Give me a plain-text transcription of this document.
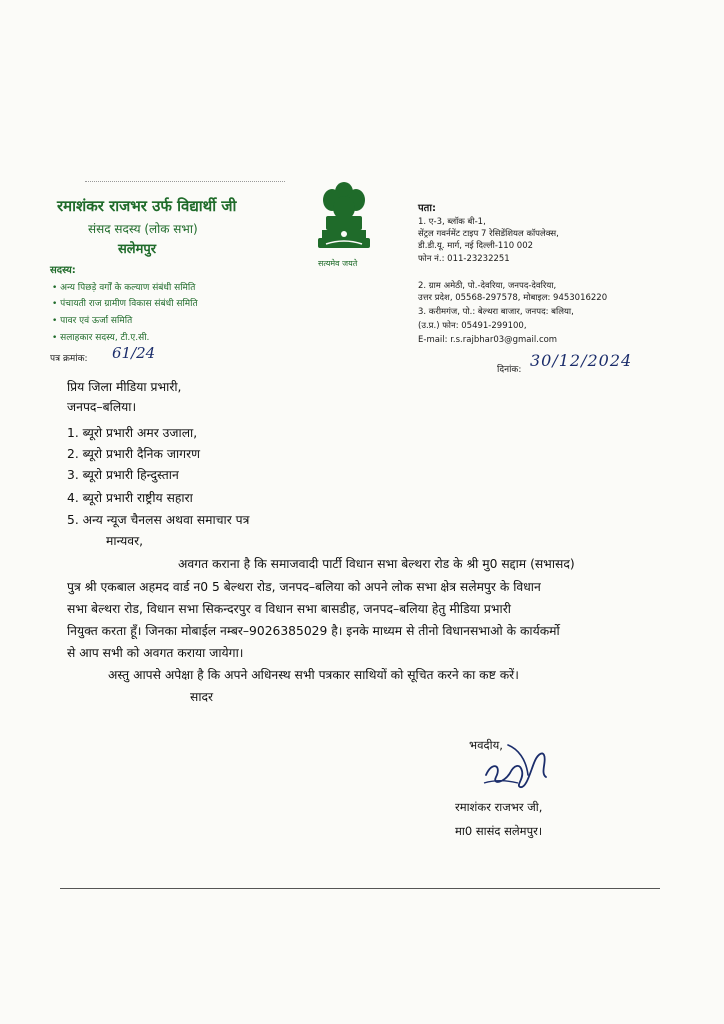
रमाशंकर राजभर उर्फ विद्यार्थी जी
संसद सदस्य (लोक सभा)
सलेमपुर
सदस्य:
• अन्य पिछड़े वर्गों के कल्याण संबंधी समिति
• पंचायती राज ग्रामीण विकास संबंधी समिति
• पावर एवं ऊर्जा समिति
• सलाहकार सदस्य, टी.ए.सी.
सत्यमेव जयते
पता:
1. ए-3, ब्लॉक बी-1,
सेंट्रल गवर्नमेंट टाइप 7 रेसिडेंशियल कॉपलेक्स,
डी.डी.यू. मार्ग, नई दिल्ली-110 002
फोन नं.: 011-23232251
2. ग्राम अमेठी, पो.-देवरिया, जनपद-देवरिया,
उत्तर प्रदेश, 05568-297578, मोबाइल: 9453016220
3. करीमगंज, पो.: बेल्थरा बाजार, जनपद: बलिया,
(उ.प्र.) फोन: 05491-299100,
E-mail: r.s.rajbhar03@gmail.com
पत्र क्रमांक: 61/24
दिनांक: 30/12/2024
प्रिय जिला मीडिया प्रभारी,
जनपद–बलिया।
1. ब्यूरो प्रभारी अमर उजाला,
2. ब्यूरो प्रभारी दैनिक जागरण
3. ब्यूरो प्रभारी हिन्दुस्तान
4. ब्यूरो प्रभारी राष्ट्रीय सहारा
5. अन्य न्यूज चैनलस अथवा समाचार पत्र
मान्यवर,
अवगत कराना है कि समाजवादी पार्टी विधान सभा बेल्थरा रोड के श्री मु0 सद्दाम (सभासद)
पुत्र श्री एकबाल अहमद वार्ड न0 5 बेल्थरा रोड, जनपद–बलिया को अपने लोक सभा क्षेत्र सलेमपुर के विधान
सभा बेल्थरा रोड, विधान सभा सिकन्दरपुर व विधान सभा बासडीह, जनपद–बलिया हेतु मीडिया प्रभारी
नियुक्त करता हूँ। जिनका मोबाईल नम्बर–9026385029 है। इनके माध्यम से तीनो विधानसभाओ के कार्यकर्मो
से आप सभी को अवगत कराया जायेगा।
अस्तु आपसे अपेक्षा है कि अपने अधिनस्थ सभी पत्रकार साथियों को सूचित करने का कष्ट करें।
सादर
भवदीय,
रमाशंकर राजभर जी,
मा0 सासंद सलेमपुर।
